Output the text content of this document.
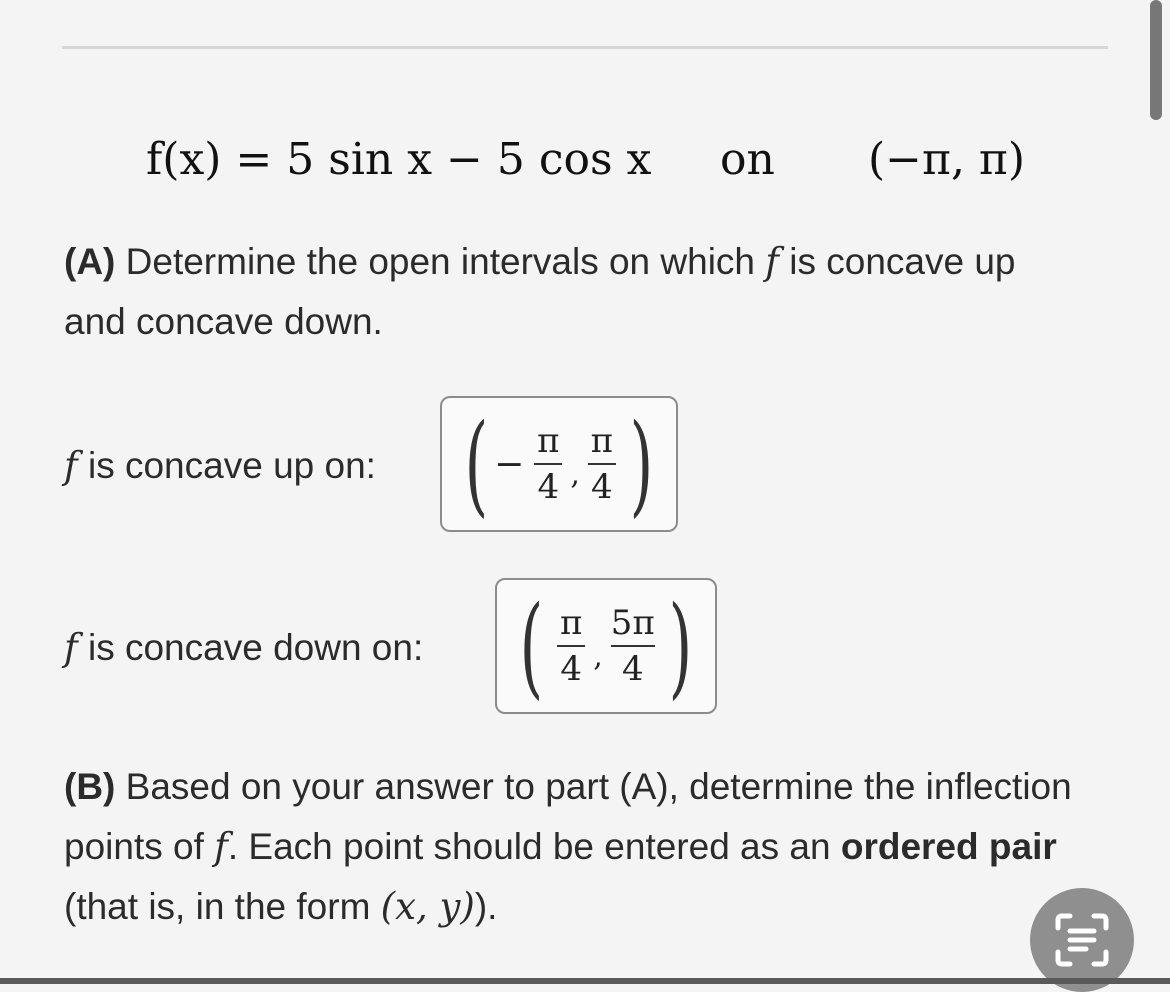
f(x) = 5 sin x − 5 cos x on (−π, π)
(A) Determine the open intervals on which f is concave up and concave down.
f is concave up on: ( − $\frac{\pi}{4}$ , $\frac{\pi}{4}$ )
f is concave down on: ( $\frac{\pi}{4}$ , $\frac{5\pi}{4}$ )
(B) Based on your answer to part (A), determine the inflection points of f. Each point should be entered as an ordered pair (that is, in the form (x, y)).
